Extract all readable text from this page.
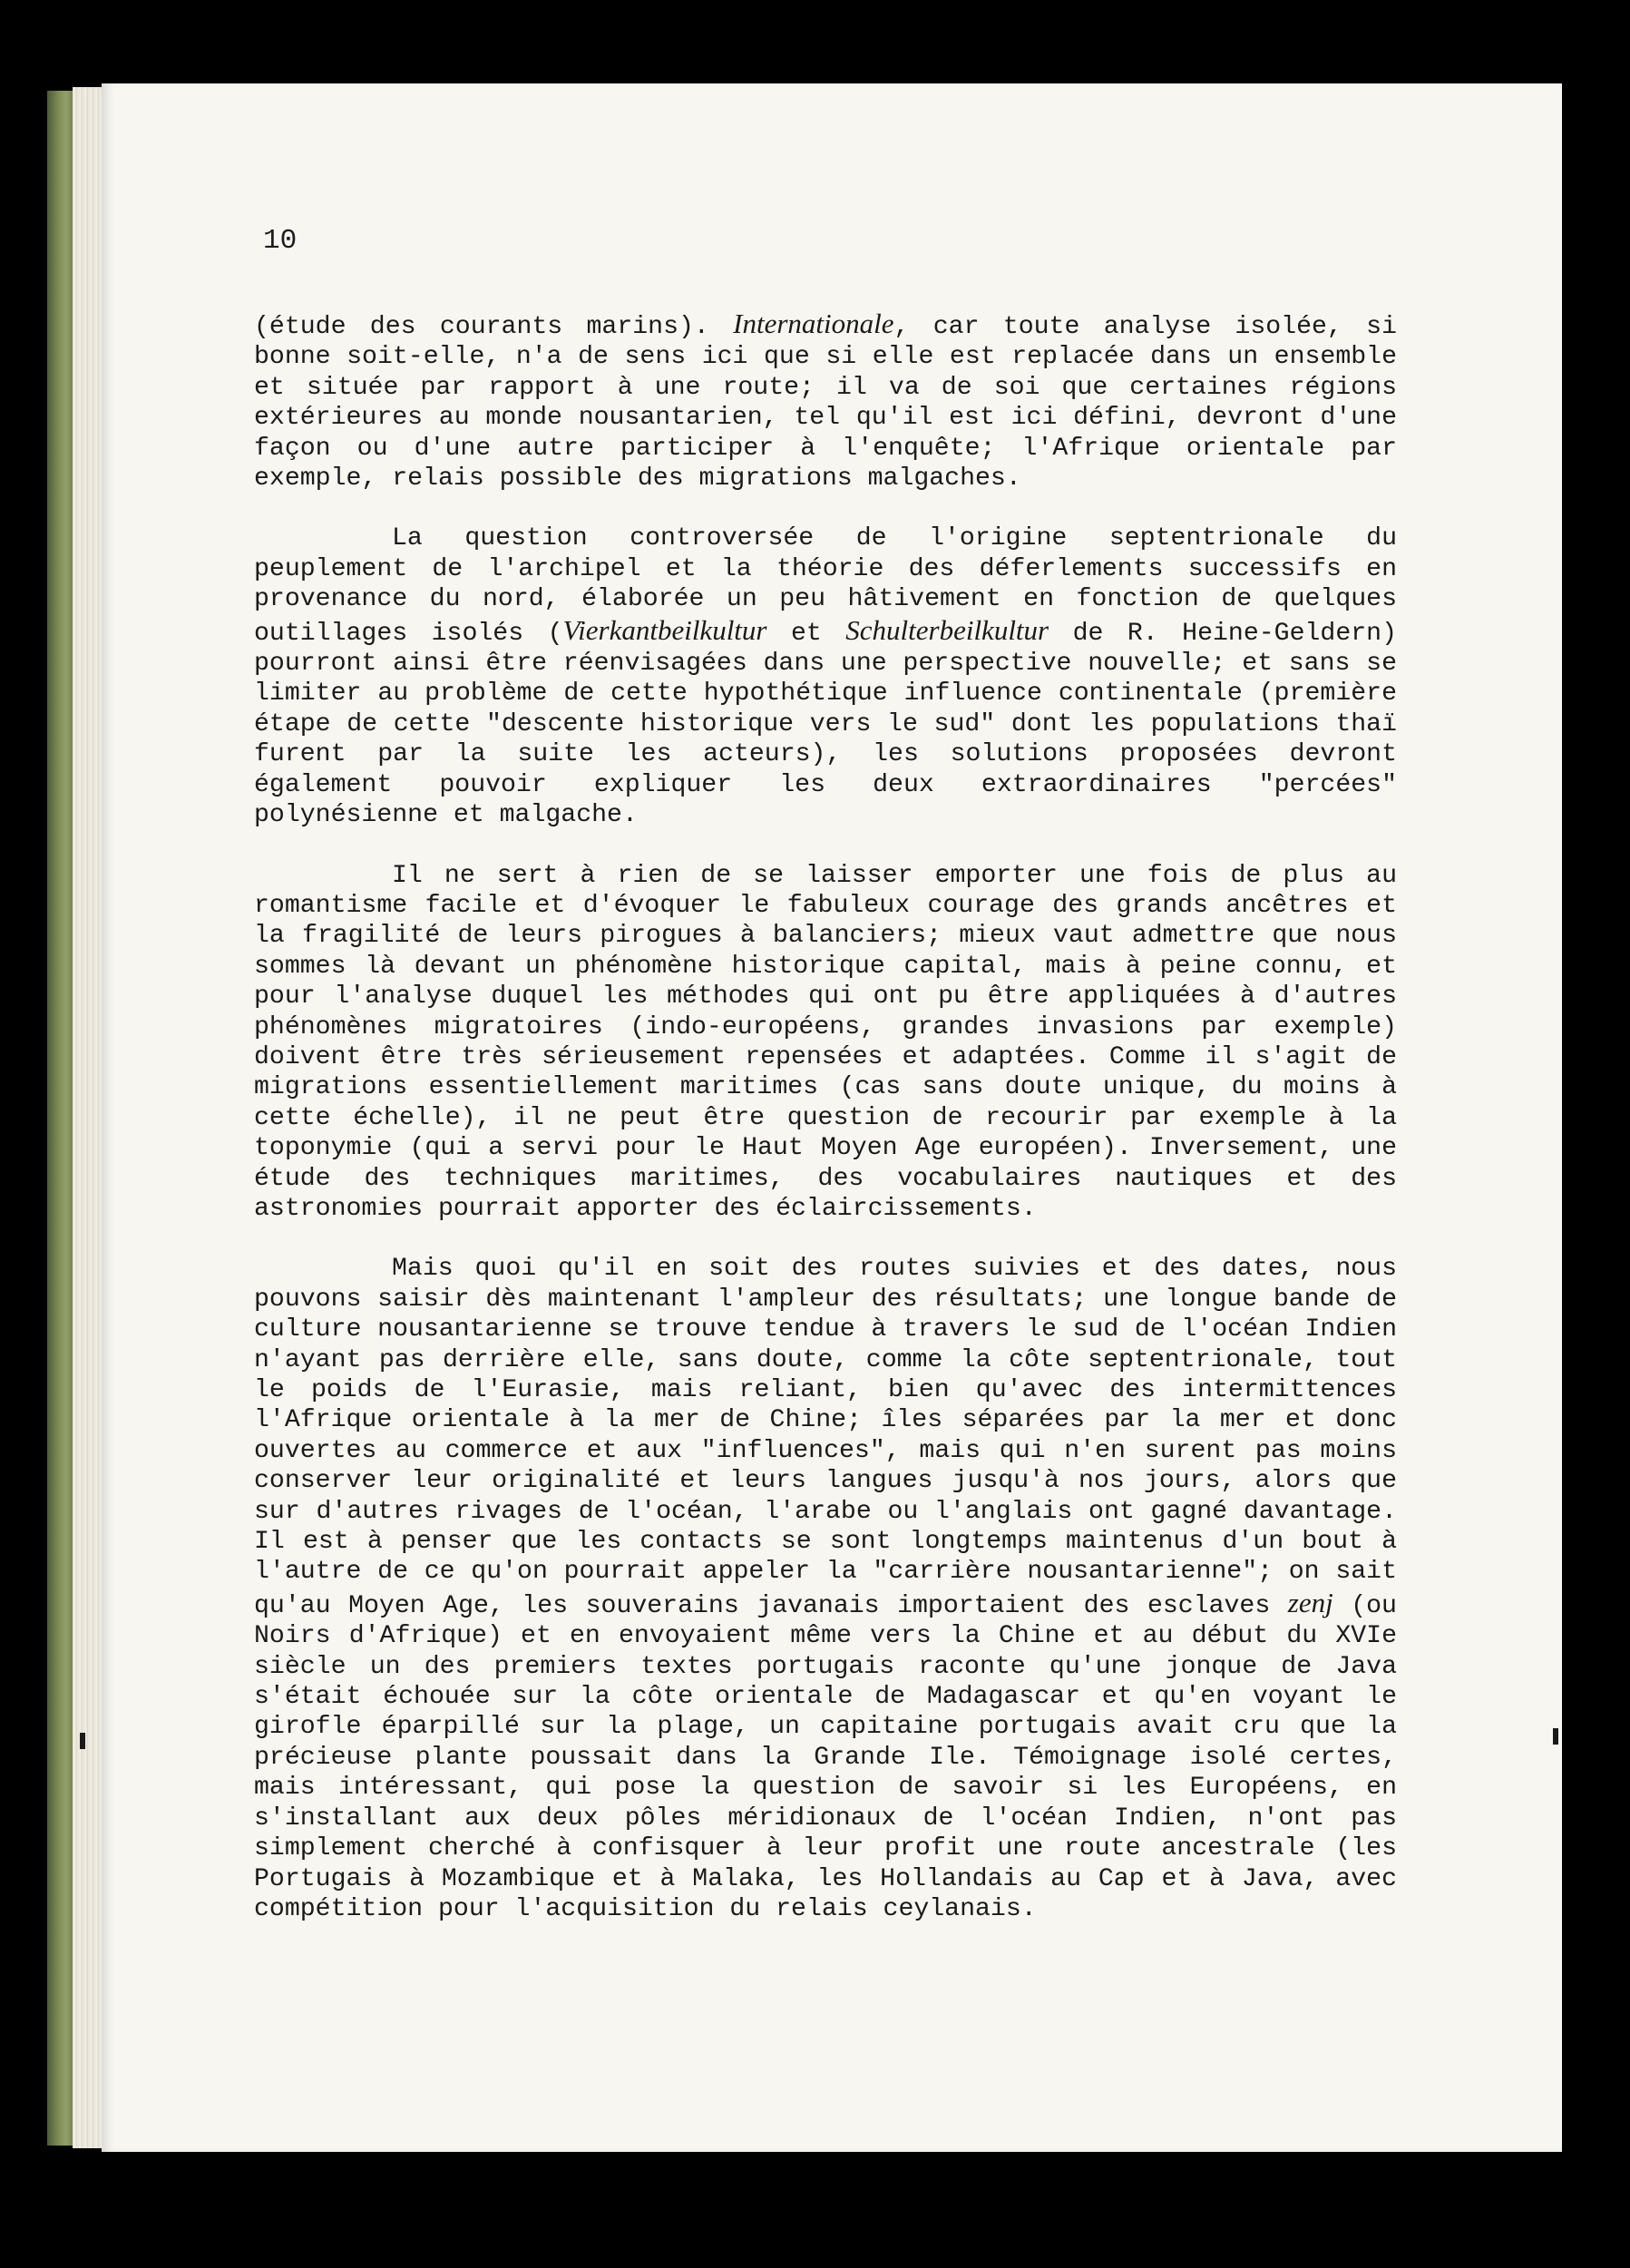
10

(étude des courants marins). Internationale, car toute analyse isolée, si bonne soit-elle, n'a de sens ici que si elle est replacée dans un ensemble et située par rapport à une route; il va de soi que certaines régions extérieures au monde nousantarien, tel qu'il est ici défini, devront d'une façon ou d'une autre participer à l'enquête; l'Afrique orientale par exemple, relais possible des migrations malgaches.

La question controversée de l'origine septentrionale du peuplement de l'archipel et la théorie des déferlements successifs en provenance du nord, élaborée un peu hâtivement en fonction de quelques outillages isolés (Vierkantbeilkultur et Schulterbeilkultur de R. Heine-Geldern) pourront ainsi être réenvisagées dans une perspective nouvelle; et sans se limiter au problème de cette hypothétique influence continentale (première étape de cette "descente historique vers le sud" dont les populations thaï furent par la suite les acteurs), les solutions proposées devront également pouvoir expliquer les deux extraordinaires "percées" polynésienne et malgache.

Il ne sert à rien de se laisser emporter une fois de plus au romantisme facile et d'évoquer le fabuleux courage des grands ancêtres et la fragilité de leurs pirogues à balanciers; mieux vaut admettre que nous sommes là devant un phénomène historique capital, mais à peine connu, et pour l'analyse duquel les méthodes qui ont pu être appliquées à d'autres phénomènes migratoires (indo-européens, grandes invasions par exemple) doivent être très sérieusement repensées et adaptées. Comme il s'agit de migrations essentiellement maritimes (cas sans doute unique, du moins à cette échelle), il ne peut être question de recourir par exemple à la toponymie (qui a servi pour le Haut Moyen Age européen). Inversement, une étude des techniques maritimes, des vocabulaires nautiques et des astronomies pourrait apporter des éclaircissements.

Mais quoi qu'il en soit des routes suivies et des dates, nous pouvons saisir dès maintenant l'ampleur des résultats; une longue bande de culture nousantarienne se trouve tendue à travers le sud de l'océan Indien n'ayant pas derrière elle, sans doute, comme la côte septentrionale, tout le poids de l'Eurasie, mais reliant, bien qu'avec des intermittences l'Afrique orientale à la mer de Chine; îles séparées par la mer et donc ouvertes au commerce et aux "influences", mais qui n'en surent pas moins conserver leur originalité et leurs langues jusqu'à nos jours, alors que sur d'autres rivages de l'océan, l'arabe ou l'anglais ont gagné davantage. Il est à penser que les contacts se sont longtemps maintenus d'un bout à l'autre de ce qu'on pourrait appeler la "carrière nousantarienne"; on sait qu'au Moyen Age, les souverains javanais importaient des esclaves zenj (ou Noirs d'Afrique) et en envoyaient même vers la Chine et au début du XVIe siècle un des premiers textes portugais raconte qu'une jonque de Java s'était échouée sur la côte orientale de Madagascar et qu'en voyant le girofle éparpillé sur la plage, un capitaine portugais avait cru que la précieuse plante poussait dans la Grande Ile. Témoignage isolé certes, mais intéressant, qui pose la question de savoir si les Européens, en s'installant aux deux pôles méridionaux de l'océan Indien, n'ont pas simplement cherché à confisquer à leur profit une route ancestrale (les Portugais à Mozambique et à Malaka, les Hollandais au Cap et à Java, avec compétition pour l'acquisition du relais ceylanais.
